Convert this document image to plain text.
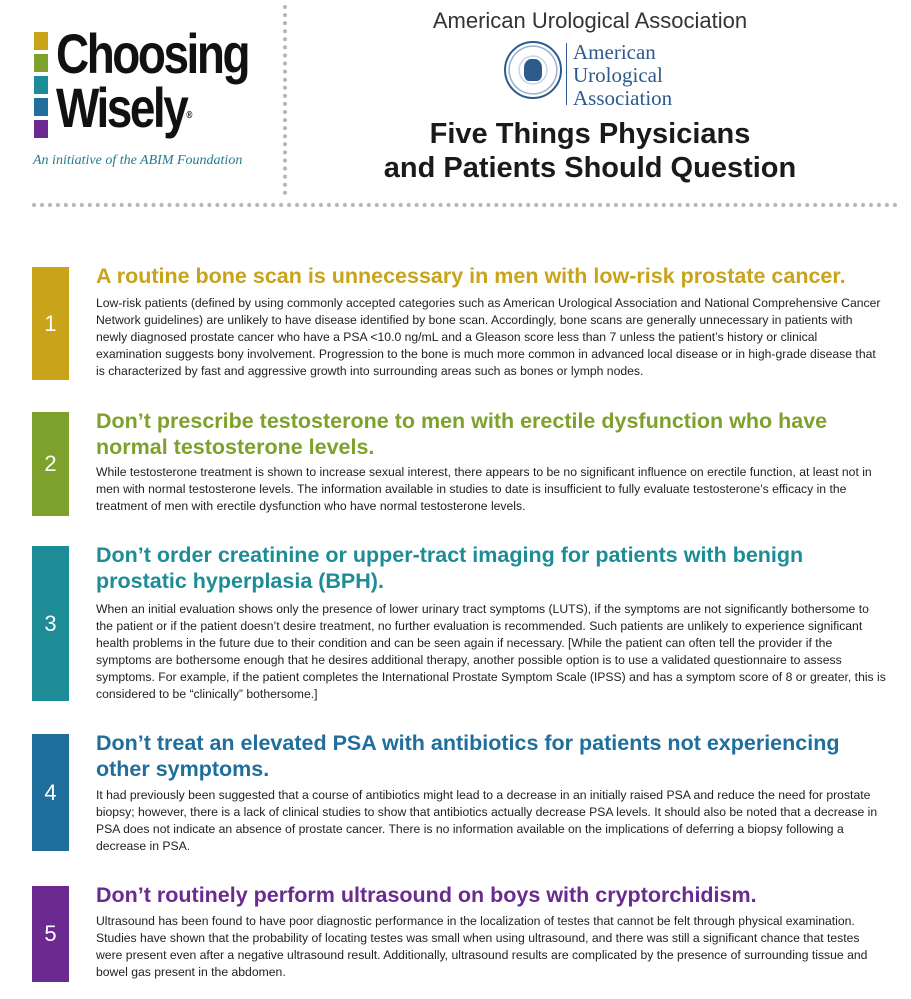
Choosing
Wisely®
An initiative of the ABIM Foundation
American Urological Association
American
Urological
Association
Five Things Physicians
and Patients Should Question
1
A routine bone scan is unnecessary in men with low-risk prostate cancer.
Low-risk patients (defined by using commonly accepted categories such as American Urological Association and National Comprehensive Cancer Network guidelines) are unlikely to have disease identified by bone scan. Accordingly, bone scans are generally unnecessary in patients with newly diagnosed prostate cancer who have a PSA <10.0 ng/mL and a Gleason score less than 7 unless the patient’s history or clinical examination suggests bony involvement. Progression to the bone is much more common in advanced local disease or in high-grade disease that is characterized by fast and aggressive growth into surrounding areas such as bones or lymph nodes.
2
Don’t prescribe testosterone to men with erectile dysfunction who have normal testosterone levels.
While testosterone treatment is shown to increase sexual interest, there appears to be no significant influence on erectile function, at least not in men with normal testosterone levels. The information available in studies to date is insufficient to fully evaluate testosterone’s efficacy in the treatment of men with erectile dysfunction who have normal testosterone levels.
3
Don’t order creatinine or upper-tract imaging for patients with benign prostatic hyperplasia (BPH).
When an initial evaluation shows only the presence of lower urinary tract symptoms (LUTS), if the symptoms are not significantly bothersome to the patient or if the patient doesn’t desire treatment, no further evaluation is recommended. Such patients are unlikely to experience significant health problems in the future due to their condition and can be seen again if necessary. [While the patient can often tell the provider if the symptoms are bothersome enough that he desires additional therapy, another possible option is to use a validated questionnaire to assess symptoms. For example, if the patient completes the International Prostate Symptom Scale (IPSS) and has a symptom score of 8 or greater, this is considered to be “clinically” bothersome.]
4
Don’t treat an elevated PSA with antibiotics for patients not experiencing other symptoms.
It had previously been suggested that a course of antibiotics might lead to a decrease in an initially raised PSA and reduce the need for prostate biopsy; however, there is a lack of clinical studies to show that antibiotics actually decrease PSA levels. It should also be noted that a decrease in PSA does not indicate an absence of prostate cancer. There is no information available on the implications of deferring a biopsy following a decrease in PSA.
5
Don’t routinely perform ultrasound on boys with cryptorchidism.
Ultrasound has been found to have poor diagnostic performance in the localization of testes that cannot be felt through physical examination. Studies have shown that the probability of locating testes was small when using ultrasound, and there was still a significant chance that testes were present even after a negative ultrasound result. Additionally, ultrasound results are complicated by the presence of surrounding tissue and bowel gas present in the abdomen.
